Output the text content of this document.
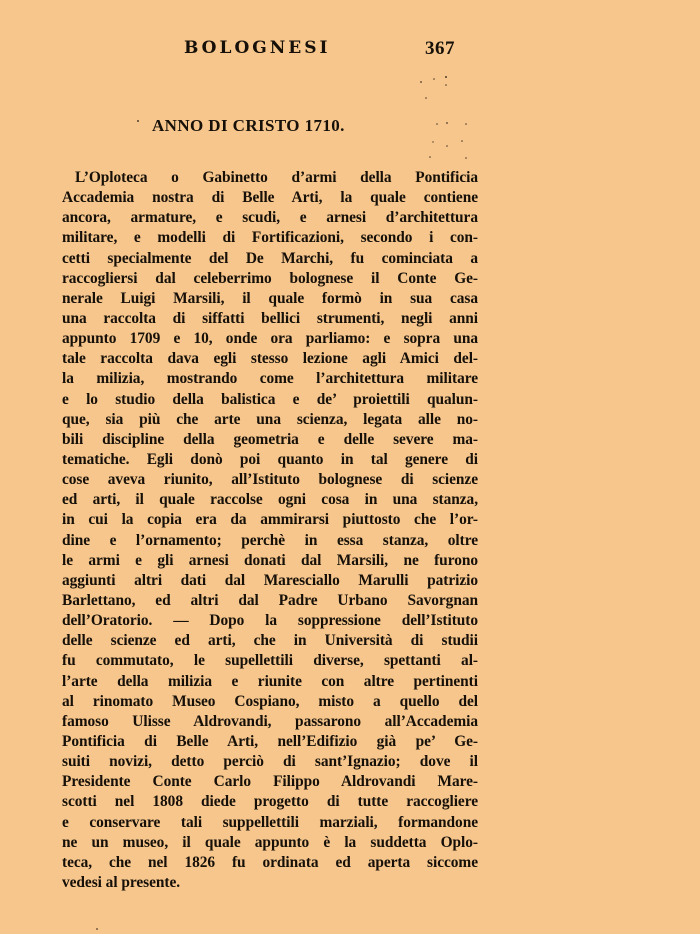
BOLOGNESI	367
ANNO DI CRISTO 1710.
L’Oploteca o Gabinetto d’armi della Pontificia
Accademia nostra di Belle Arti, la quale contiene
ancora, armature, e scudi, e arnesi d’architettura
militare, e modelli di Fortificazioni, secondo i con-
cetti specialmente del De Marchi, fu cominciata a
raccogliersi dal celeberrimo bolognese il Conte Ge-
nerale Luigi Marsili, il quale formò in sua casa
una raccolta di siffatti bellici strumenti, negli anni
appunto 1709 e 10, onde ora parliamo: e sopra una
tale raccolta dava egli stesso lezione agli Amici del-
la milizia, mostrando come l’architettura militare
e lo studio della balistica e de’ proiettili qualun-
que, sia più che arte una scienza, legata alle no-
bili discipline della geometria e delle severe ma-
tematiche. Egli donò poi quanto in tal genere di
cose aveva riunito, all’Istituto bolognese di scienze
ed arti, il quale raccolse ogni cosa in una stanza,
in cui la copia era da ammirarsi piuttosto che l’or-
dine e l’ornamento; perchè in essa stanza, oltre
le armi e gli arnesi donati dal Marsili, ne furono
aggiunti altri dati dal Maresciallo Marulli patrizio
Barlettano, ed altri dal Padre Urbano Savorgnan
dell’Oratorio. — Dopo la soppressione dell’Istituto
delle scienze ed arti, che in Università di studii
fu commutato, le supellettili diverse, spettanti al-
l’arte della milizia e riunite con altre pertinenti
al rinomato Museo Cospiano, misto a quello del
famoso Ulisse Aldrovandi, passarono all’Accademia
Pontificia di Belle Arti, nell’Edifizio già pe’ Ge-
suiti novizi, detto perciò di sant’Ignazio; dove il
Presidente Conte Carlo Filippo Aldrovandi Mare-
scotti nel 1808 diede progetto di tutte raccogliere
e conservare tali suppellettili marziali, formandone
ne un museo, il quale appunto è la suddetta Oplo-
teca, che nel 1826 fu ordinata ed aperta siccome
vedesi al presente.
